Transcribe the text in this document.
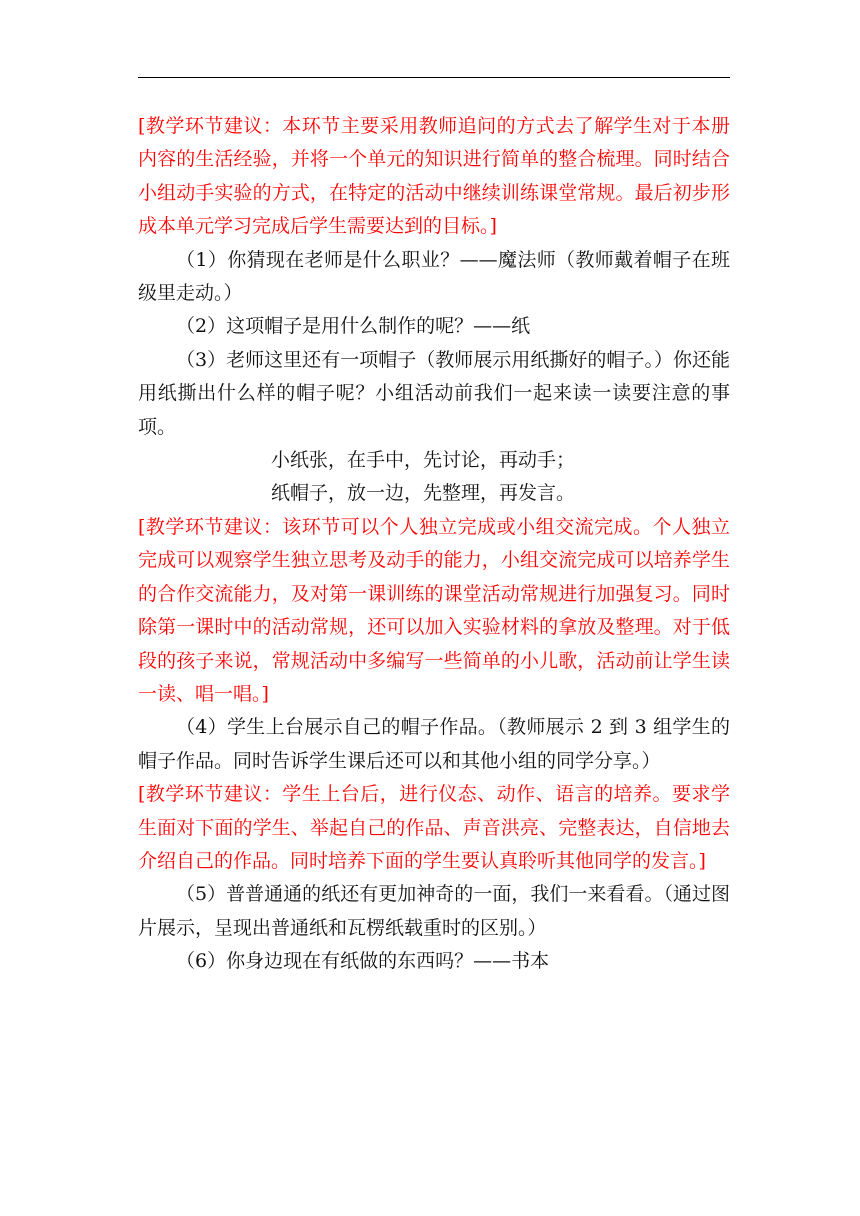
[教学环节建议：本环节主要采用教师追问的方式去了解学生对于本册内容的生活经验，并将一个单元的知识进行简单的整合梳理。同时结合小组动手实验的方式，在特定的活动中继续训练课堂常规。最后初步形成本单元学习完成后学生需要达到的目标。]

（1）你猜现在老师是什么职业？——魔法师（教师戴着帽子在班级里走动。）

（2）这项帽子是用什么制作的呢？——纸

（3）老师这里还有一项帽子（教师展示用纸撕好的帽子。）你还能用纸撕出什么样的帽子呢？小组活动前我们一起来读一读要注意的事项。

小纸张，在手中，先讨论，再动手；

纸帽子，放一边，先整理，再发言。

[教学环节建议：该环节可以个人独立完成或小组交流完成。个人独立完成可以观察学生独立思考及动手的能力，小组交流完成可以培养学生的合作交流能力，及对第一课训练的课堂活动常规进行加强复习。同时除第一课时中的活动常规，还可以加入实验材料的拿放及整理。对于低段的孩子来说，常规活动中多编写一些简单的小儿歌，活动前让学生读一读、唱一唱。]

（4）学生上台展示自己的帽子作品。（教师展示 2 到 3 组学生的帽子作品。同时告诉学生课后还可以和其他小组的同学分享。）

[教学环节建议：学生上台后，进行仪态、动作、语言的培养。要求学生面对下面的学生、举起自己的作品、声音洪亮、完整表达，自信地去介绍自己的作品。同时培养下面的学生要认真聆听其他同学的发言。]

（5）普普通通的纸还有更加神奇的一面，我们一来看看。（通过图片展示，呈现出普通纸和瓦楞纸载重时的区别。）

（6）你身边现在有纸做的东西吗？——书本
